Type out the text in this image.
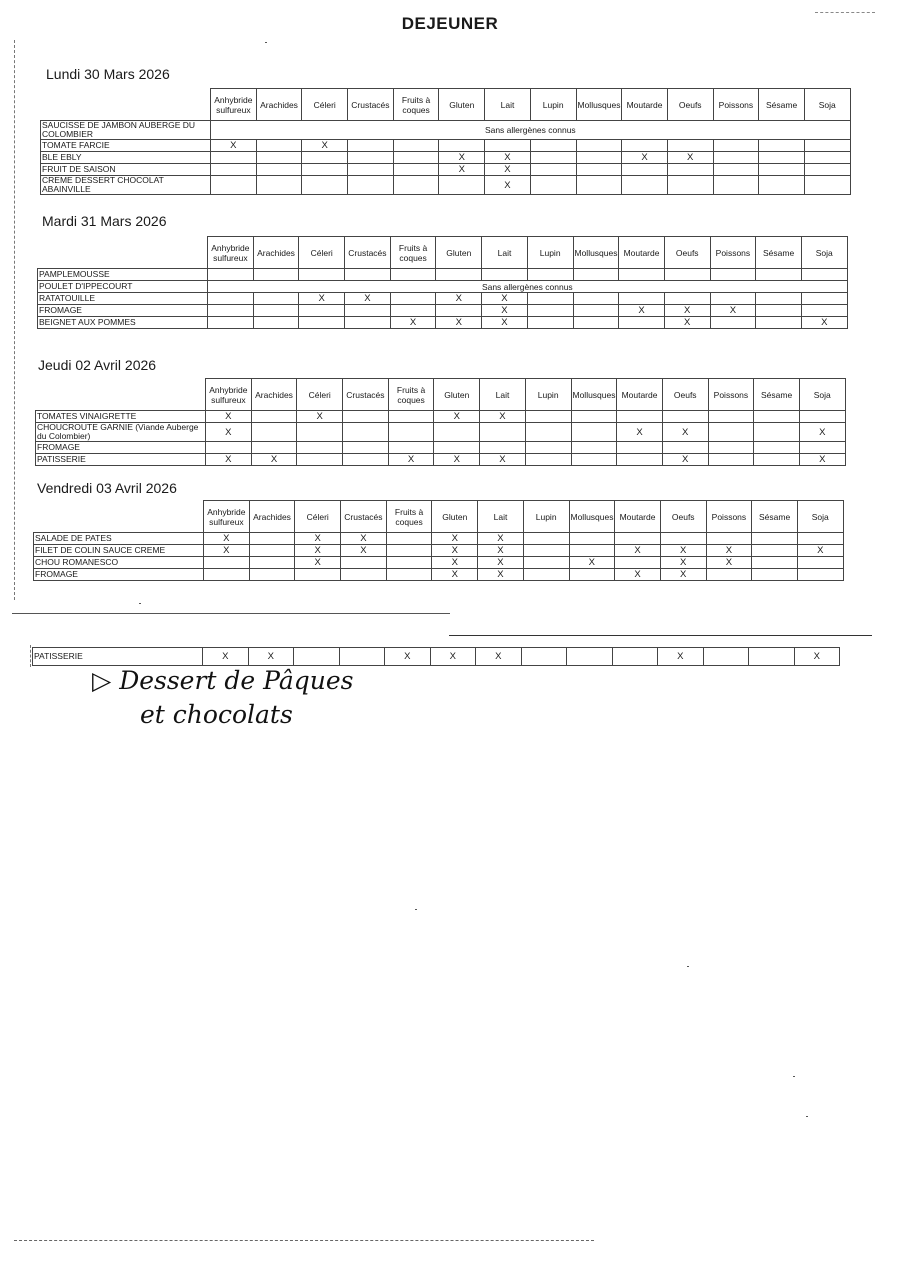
DEJEUNER
Lundi 30 Mars 2026
	Anhybride sulfureux	Arachides	Céleri	Crustacés	Fruits à coques	Gluten	Lait	Lupin	Mollusques	Moutarde	Oeufs	Poissons	Sésame	Soja
SAUCISSE DE JAMBON AUBERGE DU COLOMBIER	Sans allergènes connus													
TOMATE FARCIE	X		X											
BLE EBLY						X	X			X	X			
FRUIT DE SAISON						X	X							

CREME DESSERT CHOCOLAT ABAINVILLE							X							
Mardi 31 Mars 2026
	Anhybride sulfureux	Arachides	Céleri	Crustacés	Fruits à coques	Gluten	Lait	Lupin	Mollusques	Moutarde	Oeufs	Poissons	Sésame	Soja
PAMPLEMOUSSE														
POULET D'IPPECOURT	Sans allergènes connus													

RATATOUILLE			X	X		X	X							
FROMAGE							X			X	X	X		
BEIGNET AUX POMMES					X	X	X				X			X
Jeudi 02 Avril 2026
	Anhybride sulfureux	Arachides	Céleri	Crustacés	Fruits à coques	Gluten	Lait	Lupin	Mollusques	Moutarde	Oeufs	Poissons	Sésame	Soja
TOMATES VINAIGRETTE	X		X			X	X							
CHOUCROUTE GARNIE (Viande Auberge du Colombier)	X									X	X			X
FROMAGE														
PATISSERIE	X	X			X	X	X				X			X
Vendredi 03 Avril 2026
	Anhybride sulfureux	Arachides	Céleri	Crustacés	Fruits à coques	Gluten	Lait	Lupin	Mollusques	Moutarde	Oeufs	Poissons	Sésame	Soja
SALADE DE PATES	X		X	X		X	X							
FILET DE COLIN SAUCE CREME	X		X	X		X	X			X	X	X		X
CHOU ROMANESCO			X			X	X		X		X	X		
FROMAGE						X	X			X	X			
PATISSERIE	X	X			X	X	X				X			X
▷ Dessert de Pâques
et chocolats
